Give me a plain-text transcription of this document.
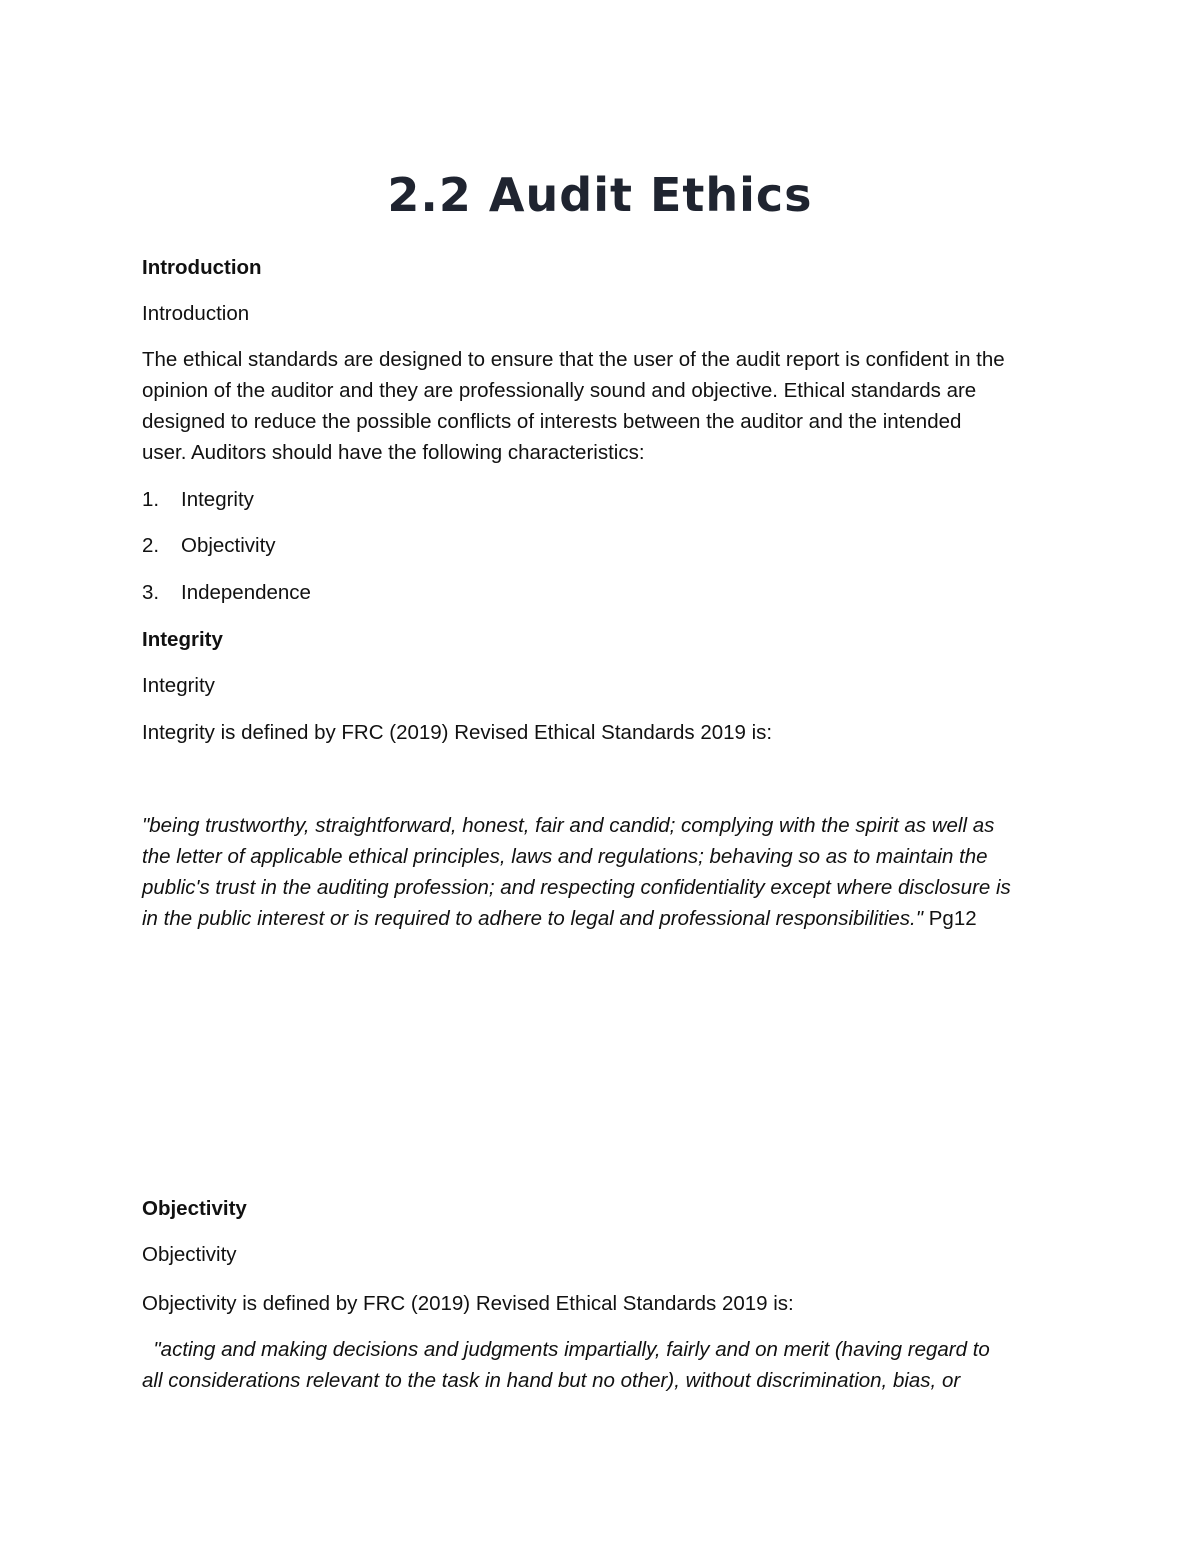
2.2 Audit Ethics

Introduction

Introduction

The ethical standards are designed to ensure that the user of the audit report is confident in the

opinion of the auditor and they are professionally sound and objective. Ethical standards are

designed to reduce the possible conflicts of interests between the auditor and the intended

user. Auditors should have the following characteristics:

1. Integrity

2. Objectivity

3. Independence

Integrity

Integrity

Integrity is defined by FRC (2019) Revised Ethical Standards 2019 is:

"being trustworthy, straightforward, honest, fair and candid; complying with the spirit as well as

the letter of applicable ethical principles, laws and regulations; behaving so as to maintain the

public's trust in the auditing profession; and respecting confidentiality except where disclosure is

in the public interest or is required to adhere to legal and professional responsibilities." Pg12

Objectivity

Objectivity

Objectivity is defined by FRC (2019) Revised Ethical Standards 2019 is:

"acting and making decisions and judgments impartially, fairly and on merit (having regard to

all considerations relevant to the task in hand but no other), without discrimination, bias, or
